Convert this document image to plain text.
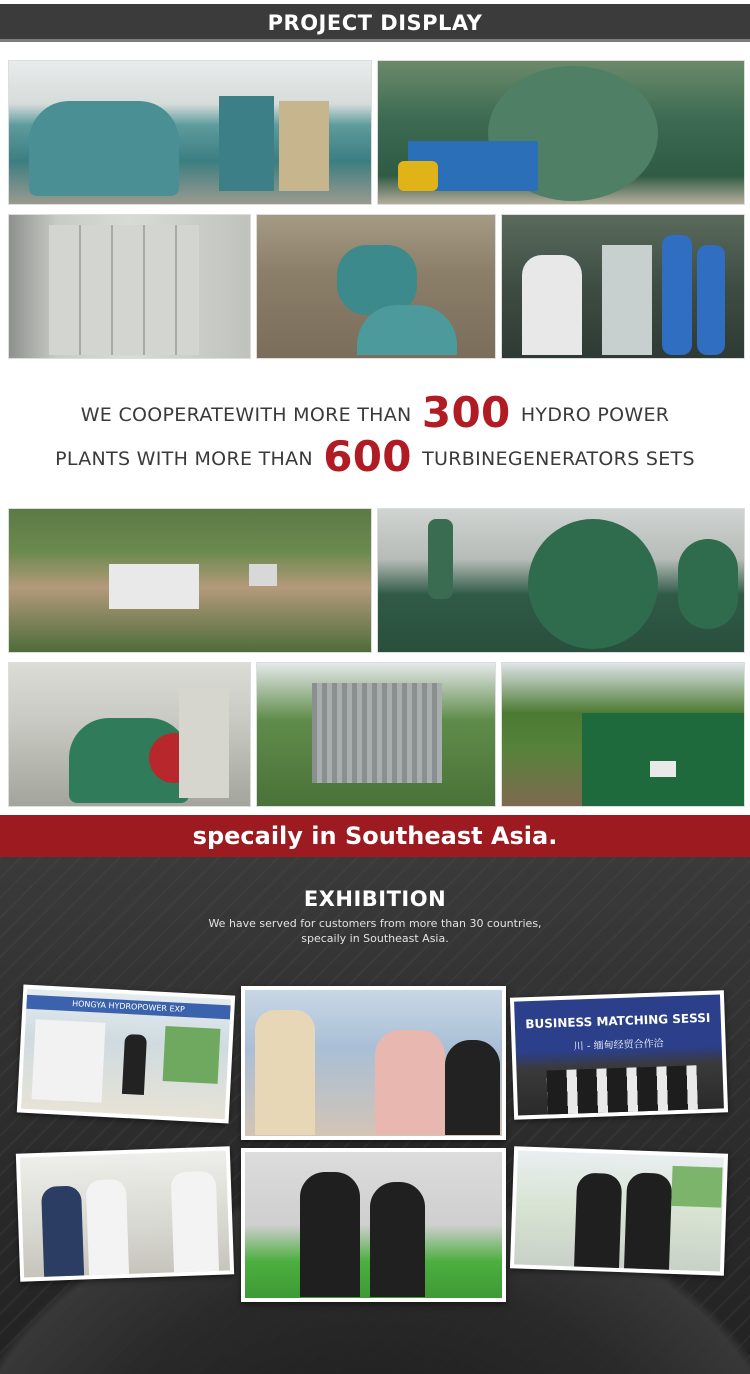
PROJECT DISPLAY
WE COOPERATEWITH MORE THAN 300 HYDRO POWER
PLANTS WITH MORE THAN 600 TURBINEGENERATORS SETS
specaily in Southeast Asia.
EXHIBITION
We have served for customers from more than 30 countries,
specaily in Southeast Asia.
HONGYA HYDROPOWER EXP
BUSINESS MATCHING SESSI
川 - 缅甸经贸合作洽
